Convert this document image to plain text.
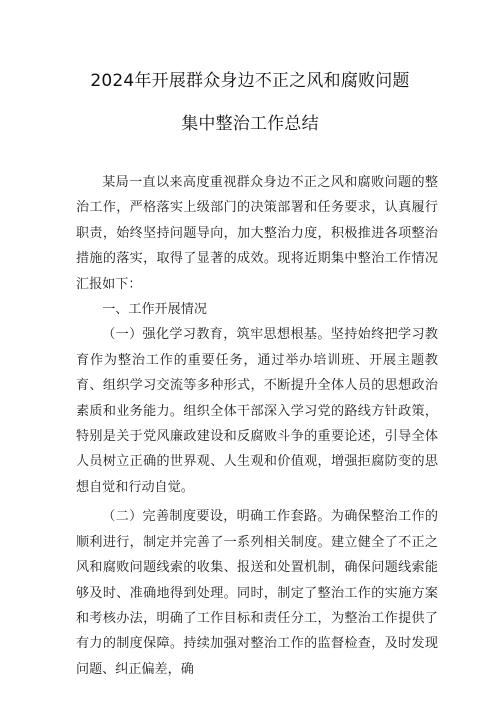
2024年开展群众身边不正之风和腐败问题
集中整治工作总结

某局一直以来高度重视群众身边不正之风和腐败问题的整治工作，严格落实上级部门的决策部署和任务要求，认真履行职责，始终坚持问题导向，加大整治力度，积极推进各项整治措施的落实，取得了显著的成效。现将近期集中整治工作情况汇报如下：

一、工作开展情况

（一）强化学习教育，筑牢思想根基。坚持始终把学习教育作为整治工作的重要任务，通过举办培训班、开展主题教育、组织学习交流等多种形式，不断提升全体人员的思想政治素质和业务能力。组织全体干部深入学习党的路线方针政策，特别是关于党风廉政建设和反腐败斗争的重要论述，引导全体人员树立正确的世界观、人生观和价值观，增强拒腐防变的思想自觉和行动自觉。

（二）完善制度要设，明确工作套路。为确保整治工作的顺利进行，制定并完善了一系列相关制度。建立健全了不正之风和腐败问题线索的收集、报送和处置机制，确保问题线索能够及时、准确地得到处理。同时，制定了整治工作的实施方案和考核办法，明确了工作目标和责任分工，为整治工作提供了有力的制度保障。持续加强对整治工作的监督检查，及时发现问题、纠正偏差，确
